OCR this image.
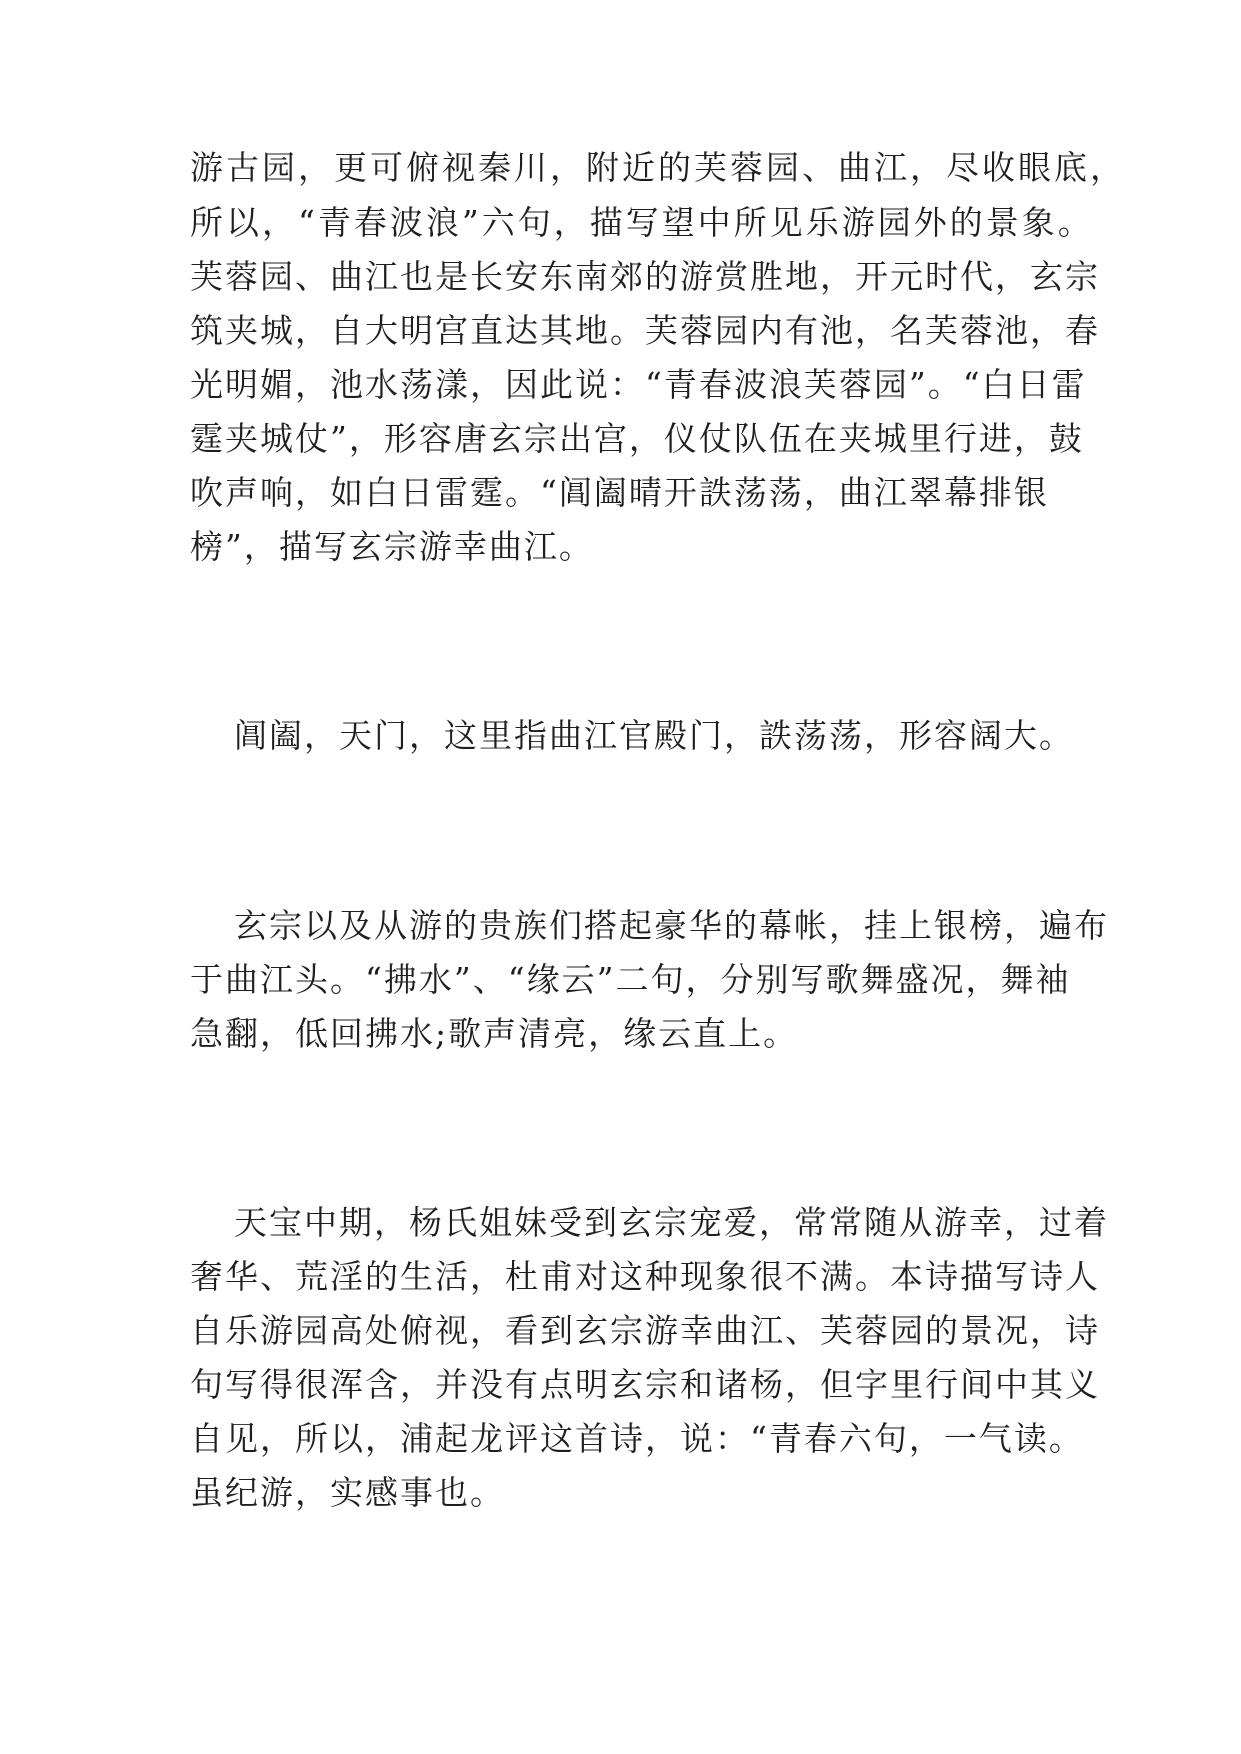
游古园，更可俯视秦川，附近的芙蓉园、曲江，尽收眼底，

所以，“青春波浪”六句，描写望中所见乐游园外的景象。

芙蓉园、曲江也是长安东南郊的游赏胜地，开元时代，玄宗

筑夹城，自大明宫直达其地。芙蓉园内有池，名芙蓉池，春

光明媚，池水荡漾，因此说：“青春波浪芙蓉园”。“白日雷

霆夹城仗”，形容唐玄宗出宫，仪仗队伍在夹城里行进，鼓

吹声响，如白日雷霆。“阊阖晴开詄荡荡，曲江翠幕排银

榜”，描写玄宗游幸曲江。

阊阖，天门，这里指曲江官殿门，詄荡荡，形容阔大。

玄宗以及从游的贵族们搭起豪华的幕帐，挂上银榜，遍布

于曲江头。“拂水”、“缘云”二句，分别写歌舞盛况，舞袖

急翻，低回拂水;歌声清亮，缘云直上。

天宝中期，杨氏姐妹受到玄宗宠爱，常常随从游幸，过着

奢华、荒淫的生活，杜甫对这种现象很不满。本诗描写诗人

自乐游园高处俯视，看到玄宗游幸曲江、芙蓉园的景况，诗

句写得很浑含，并没有点明玄宗和诸杨，但字里行间中其义

自见，所以，浦起龙评这首诗，说：“青春六句，一气读。

虽纪游，实感事也。
